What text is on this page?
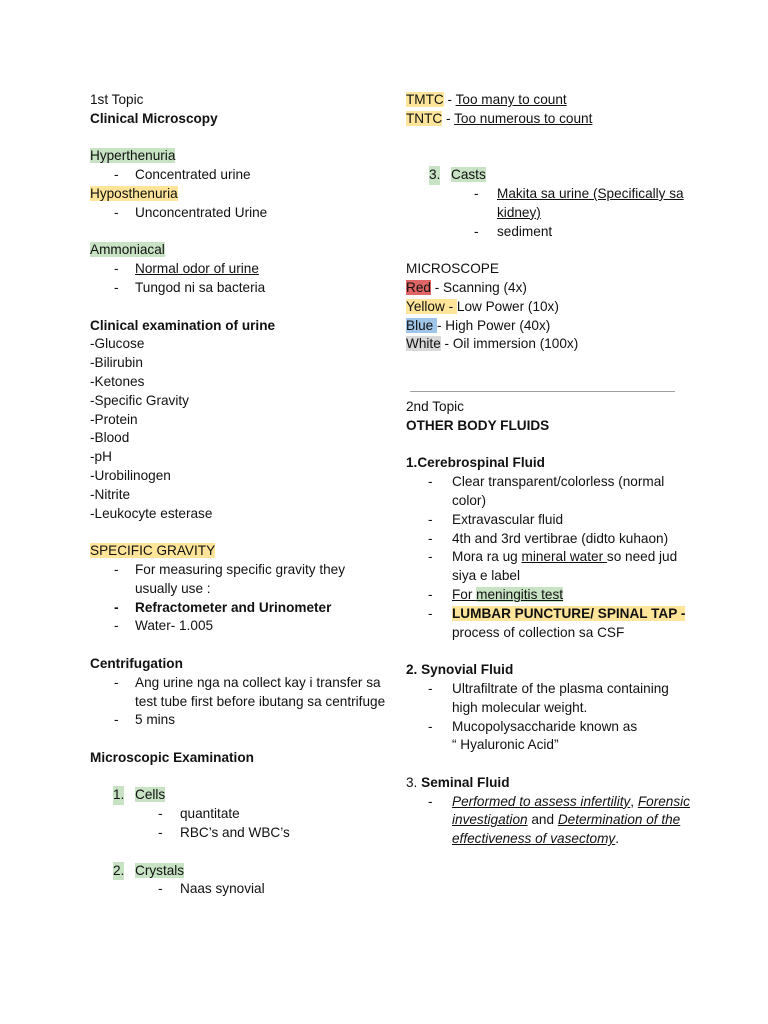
1st Topic
Clinical Microscopy
Hyperthenuria
- Concentrated urine
Hyposthenuria
- Unconcentrated Urine
Ammoniacal
- Normal odor of urine
- Tungod ni sa bacteria
Clinical examination of urine
-Glucose
-Bilirubin
-Ketones
-Specific Gravity
-Protein
-Blood
-pH
-Urobilinogen
-Nitrite
-Leukocyte esterase
SPECIFIC GRAVITY
- For measuring specific gravity they usually use :
- Refractometer and Urinometer
- Water- 1.005
Centrifugation
- Ang urine nga na collect kay i transfer sa test tube first before ibutang sa centrifuge
- 5 mins
Microscopic Examination
1. Cells
- quantitate
- RBC’s and WBC’s
2. Crystals
- Naas synovial
TMTC - Too many to count
TNTC - Too numerous to count
3. Casts
- Makita sa urine (Specifically sa kidney)
- sediment
MICROSCOPE
Red - Scanning (4x)
Yellow - Low Power (10x)
Blue - High Power (40x)
White - Oil immersion (100x)
2nd Topic
OTHER BODY FLUIDS
1.Cerebrospinal Fluid
- Clear transparent/colorless (normal color)
- Extravascular fluid
- 4th and 3rd vertibrae (didto kuhaon)
- Mora ra ug mineral water so need jud siya e label
- For meningitis test
- LUMBAR PUNCTURE/ SPINAL TAP - process of collection sa CSF
2. Synovial Fluid
- Ultrafiltrate of the plasma containing high molecular weight.
- Mucopolysaccharide known as
“ Hyaluronic Acid”
3. Seminal Fluid
- Performed to assess infertility, Forensic investigation and Determination of the effectiveness of vasectomy.
